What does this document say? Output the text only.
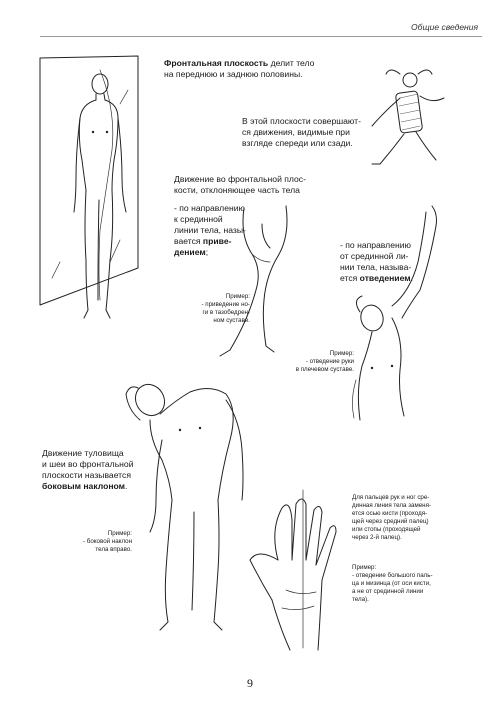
Общие сведения
Фронтальная плоскость делит тело
на переднюю и заднюю половины.
В этой плоскости совершают-
ся движения, видимые при
взгляде спереди или сзади.
Движение во фронтальной плос-
кости, отклоняющее часть тела
- по направлению
к срединной
линии тела, назы-
вается приве-
дением;
Пример:
- приведение но-
ги в тазобедрен-
ном суставе.
- по направлению
от срединной ли-
нии тела, называ-
ется отведением.
Пример:
- отведение руки
в плечевом суставе.
Движение туловища
и шеи во фронтальной
плоскости называется
боковым наклоном.
Пример:
- боковой наклон
тела вправо.
Для пальцев рук и ног сре-
динная линия тела заменя-
ется осью кисти (проходя-
щей через средний палец)
или стопы (проходящей
через 2-й палец).
Пример:
- отведение большого паль-
ца и мизинца (от оси кисти,
а не от срединной линии
тела).
9
